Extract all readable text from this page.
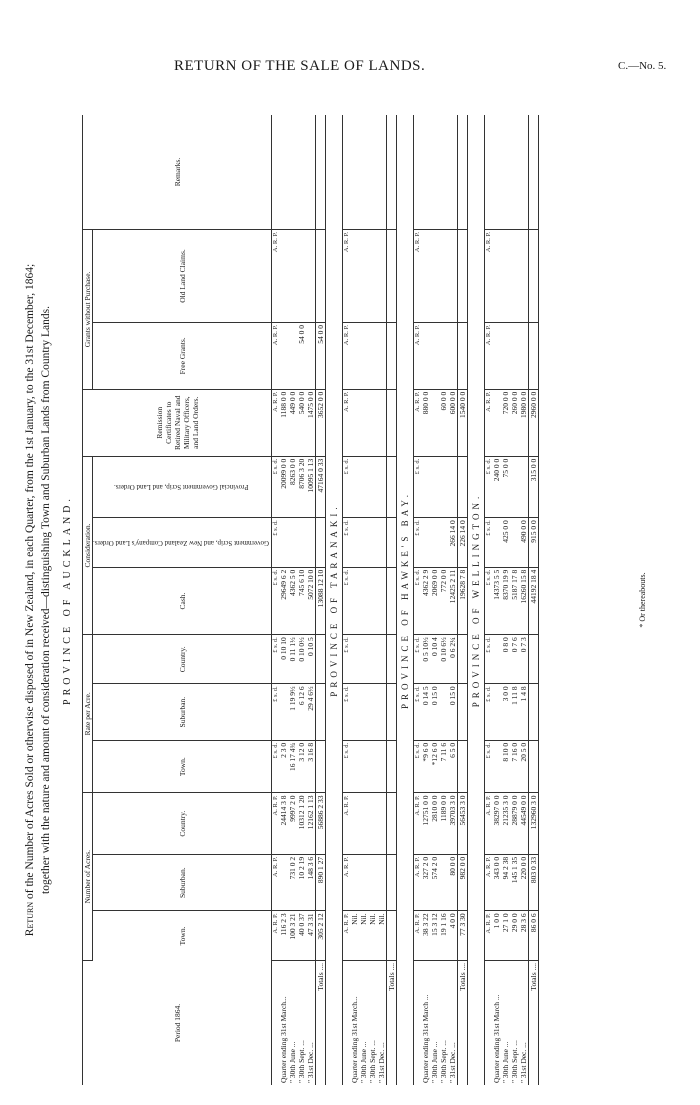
RETURN OF THE SALE OF LANDS.	C.—No. 5.
Return of the Number of Acres Sold or otherwise disposed of in New Zealand, in each Quarter, from the 1st January, to the 31st December, 1864; together with the nature and amount of consideration received—distinguishing Town and Suburban Lands from Country Lands.
Period 1864.	Number of Acres.			Rate per Acre.			Consideration.			Remission Certificates to Retired Naval and Military Officers, and Land Orders.	Grants without Purchase.		Remarks.
	Town.	Suburban.	Country.	Town.	Suburban.	Country.	Cash.	Government Scrip, and New Zealand Company's Land Orders.	Provincial Government Scrip, and Land Orders.		Free Grants.	Old Land Claims.	
	A. R. P.	A. R. P.	A. R. P.	£ s. d.	£ s. d.	£ s. d.	£ s. d.	£ s. d.	£ s. d.	A. R. P.	A. R. P.	A. R. P.	
Quarter ending 31st March...	116 2 3		24414 3 8	2 3 0		0 10 10	29649 6 2		20099 0 0	1188 0 0			
" 30th June ...	100 3 21	731 0 2	9997 2 0	16 17 4¾	1 19 9½	0 11 1½	4362 5 0		8263 0 0	449 0 0			
" 30th Sept. ...	40 0 37	10 2 19	10312 1 20	3 12 0	6 12 6	0 10 0½	745 6 10		8706 3 20	540 0 0	54 0 0		
" 31st Dec. ...	47 3 31	148 3 6	12162 1 13	3 16 8	29 4 6½	0 10 5	5072 10 0		10095 1 13	1475 0 0			
Totals ....	305 2 12	890 1 27	56886 2 33				13088 12 10		47164 0 33	3652 0 0	54 0 0		
PROVINCE OF TARANAKI.													
	A. R. P.	A. R. P.	A. R. P.	£ s. d.	£ s. d.	£ s. d.	£ s. d.	£ s. d.	£ s. d.	A. R. P.	A. R. P.	A. R. P.	
Quarter ending 31st March...	Nil.												
" 30th June ...	Nil.												
" 30th Sept. ...	Nil.												
" 31st Dec. ...	Nil.												
Totals ....													
PROVINCE OF HAWKE'S BAY.													
	A. R. P.	A. R. P.	A. R. P.	£ s. d.	£ s. d.	£ s. d.	£ s. d.	£ s. d.	£ s. d.	A. R. P.	A. R. P.	A. R. P.	
Quarter ending 31st March ...	38 3 22	327 2 0	12751 0 0	*9 6 0	0 14 5	0 5 10½	4362 2 9			880 0 0			
" 30th June ...	15 3 12	574 2 0	2810 0 0	*12 6 0	0 15 0	0 10 4	2069 0 0						
" 30th Sept. ...	19 1 16		1189 0 0	7 11 6		0 10 6½	772 0 0			60 0 0			
" 31st Dec. ...	4 0 0	80 0 0	39703 3 0	6 5 0	0 15 0	0 6 2¼	12425 2 11	266 14 0		600 0 0			
Totals ....	77 3 30	982 0 0	56453 3 0				19628 7 8	226 14 0		1540 0 0			
PROVINCE OF WELLINGTON.													
	A. R. P.	A. R. P.	A. R. P.	£ s. d.	£ s. d.	£ s. d.	£ s. d.	£ s. d.	£ s. d.	A. R. P.	A. R. P.	A. R. P.	
Quarter ending 31st March ...	1 0 0	343 0 0	38297 0 0				14373 5 5		240 0 0				
" 30th June ...	27 1 0	94 2 38	21235 3 0	8 10 0	3 0 0	0 8 0	8370 19 9	425 0 0	75 0 0	720 0 0			
" 30th Sept. ...	29 0 0	145 1 35	28879 0 0	7 16 0	1 11 8	0 7 6	5187 17 8			260 0 0			
" 31st Dec. ...	28 3 6	220 0 0	44549 0 0	20 5 0	1 4 8	0 7 3	16260 15 8	490 0 0		1980 0 0			
Totals ....	86 0 6	803 0 33	132960 3 0				44192 18 4	915 0 0	315 0 0	2960 0 0			
* Or thereabouts.
PROVINCE OF AUCKLAND.
